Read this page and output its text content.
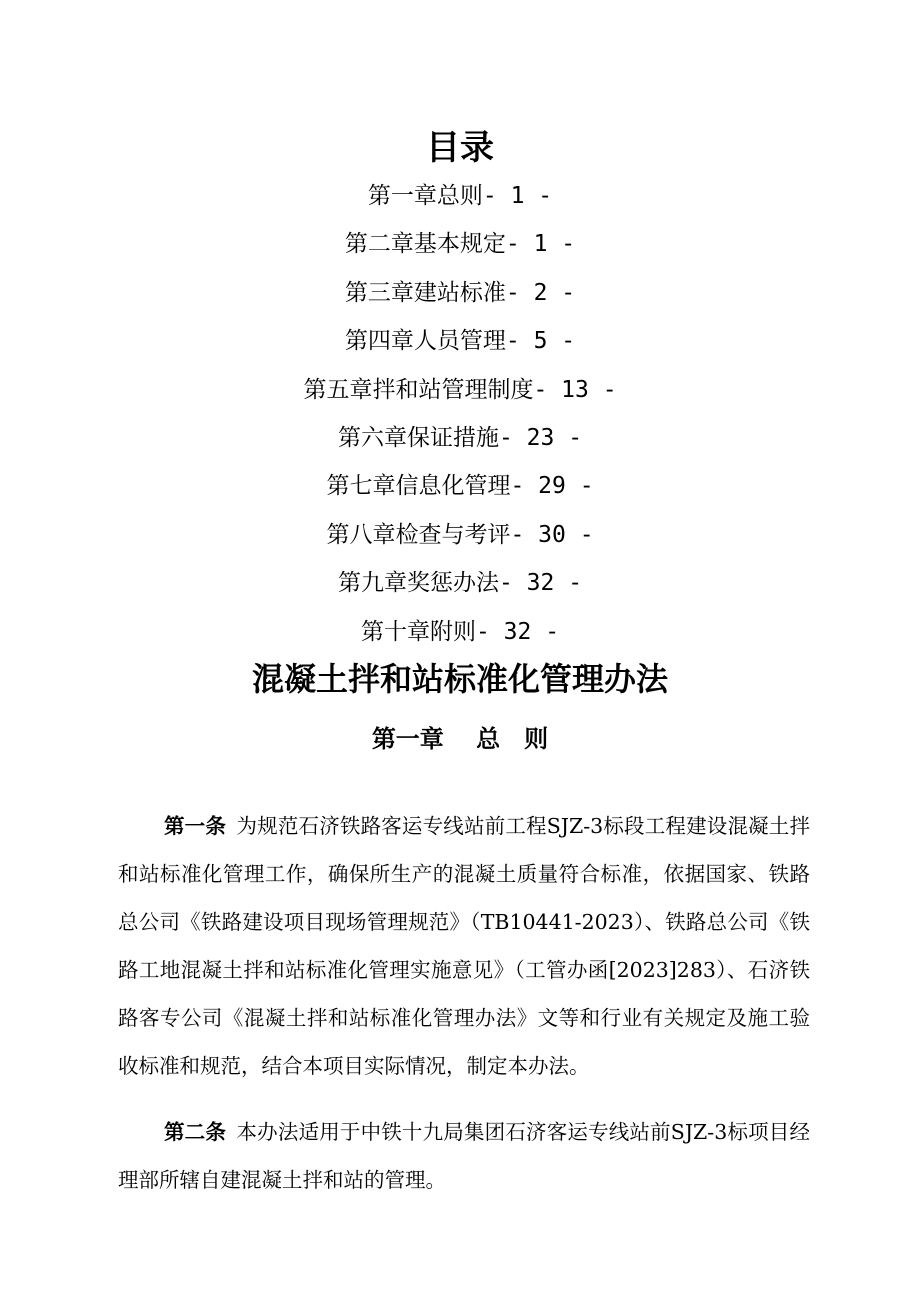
目录
第一章总则- 1 -
第二章基本规定- 1 -
第三章建站标准- 2 -
第四章人员管理- 5 -
第五章拌和站管理制度- 13 -
第六章保证措施- 23 -
第七章信息化管理- 29 -
第八章检查与考评- 30 -
第九章奖惩办法- 32 -
第十章附则- 32 -
混凝土拌和站标准化管理办法
第一章　 总　则

第一条  为规范石济铁路客运专线站前工程SJZ-3标段工程建设混凝土拌和站标准化管理工作，确保所生产的混凝土质量符合标准，依据国家、铁路总公司《铁路建设项目现场管理规范》（TB10441-2023）、铁路总公司《铁路工地混凝土拌和站标准化管理实施意见》（工管办函[2023]283）、石济铁路客专公司《混凝土拌和站标准化管理办法》文等和行业有关规定及施工验收标准和规范，结合本项目实际情况，制定本办法。

第二条  本办法适用于中铁十九局集团石济客运专线站前SJZ-3标项目经理部所辖自建混凝土拌和站的管理。
